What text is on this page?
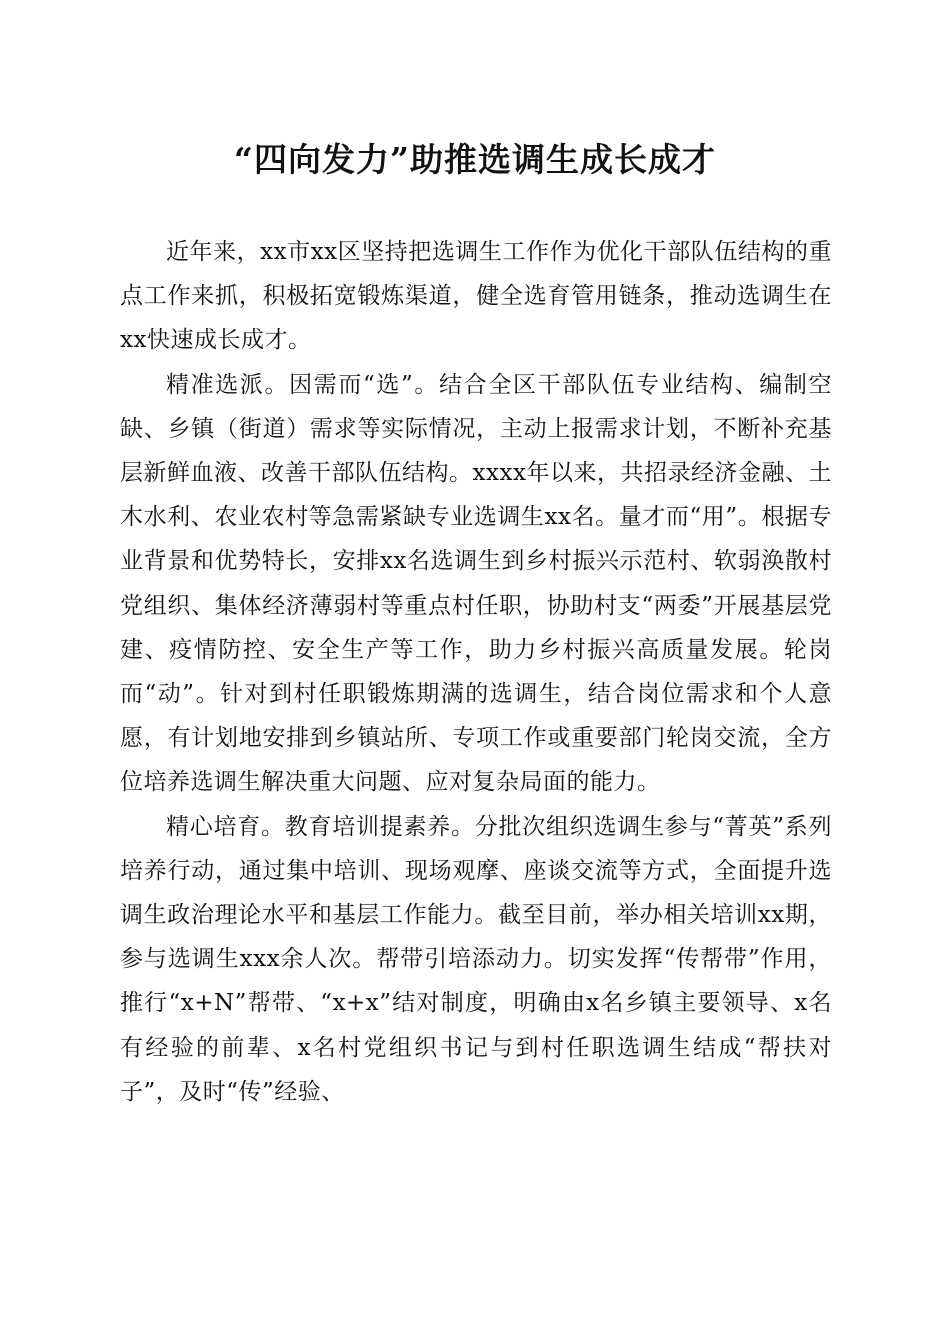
“四向发力”助推选调生成长成才

近年来，xx市xx区坚持把选调生工作作为优化干部队伍结构的重点工作来抓，积极拓宽锻炼渠道，健全选育管用链条，推动选调生在xx快速成长成才。

精准选派。因需而“选”。结合全区干部队伍专业结构、编制空缺、乡镇（街道）需求等实际情况，主动上报需求计划，不断补充基层新鲜血液、改善干部队伍结构。xxxx年以来，共招录经济金融、土木水利、农业农村等急需紧缺专业选调生xx名。量才而“用”。根据专业背景和优势特长，安排xx名选调生到乡村振兴示范村、软弱涣散村党组织、集体经济薄弱村等重点村任职，协助村支“两委”开展基层党建、疫情防控、安全生产等工作，助力乡村振兴高质量发展。轮岗而“动”。针对到村任职锻炼期满的选调生，结合岗位需求和个人意愿，有计划地安排到乡镇站所、专项工作或重要部门轮岗交流，全方位培养选调生解决重大问题、应对复杂局面的能力。

精心培育。教育培训提素养。分批次组织选调生参与“菁英”系列培养行动，通过集中培训、现场观摩、座谈交流等方式，全面提升选调生政治理论水平和基层工作能力。截至目前，举办相关培训xx期，参与选调生xxx余人次。帮带引培添动力。切实发挥“传帮带”作用，推行“x+N”帮带、“x+x”结对制度，明确由x名乡镇主要领导、x名有经验的前辈、x名村党组织书记与到村任职选调生结成“帮扶对子”，及时“传”经验、
